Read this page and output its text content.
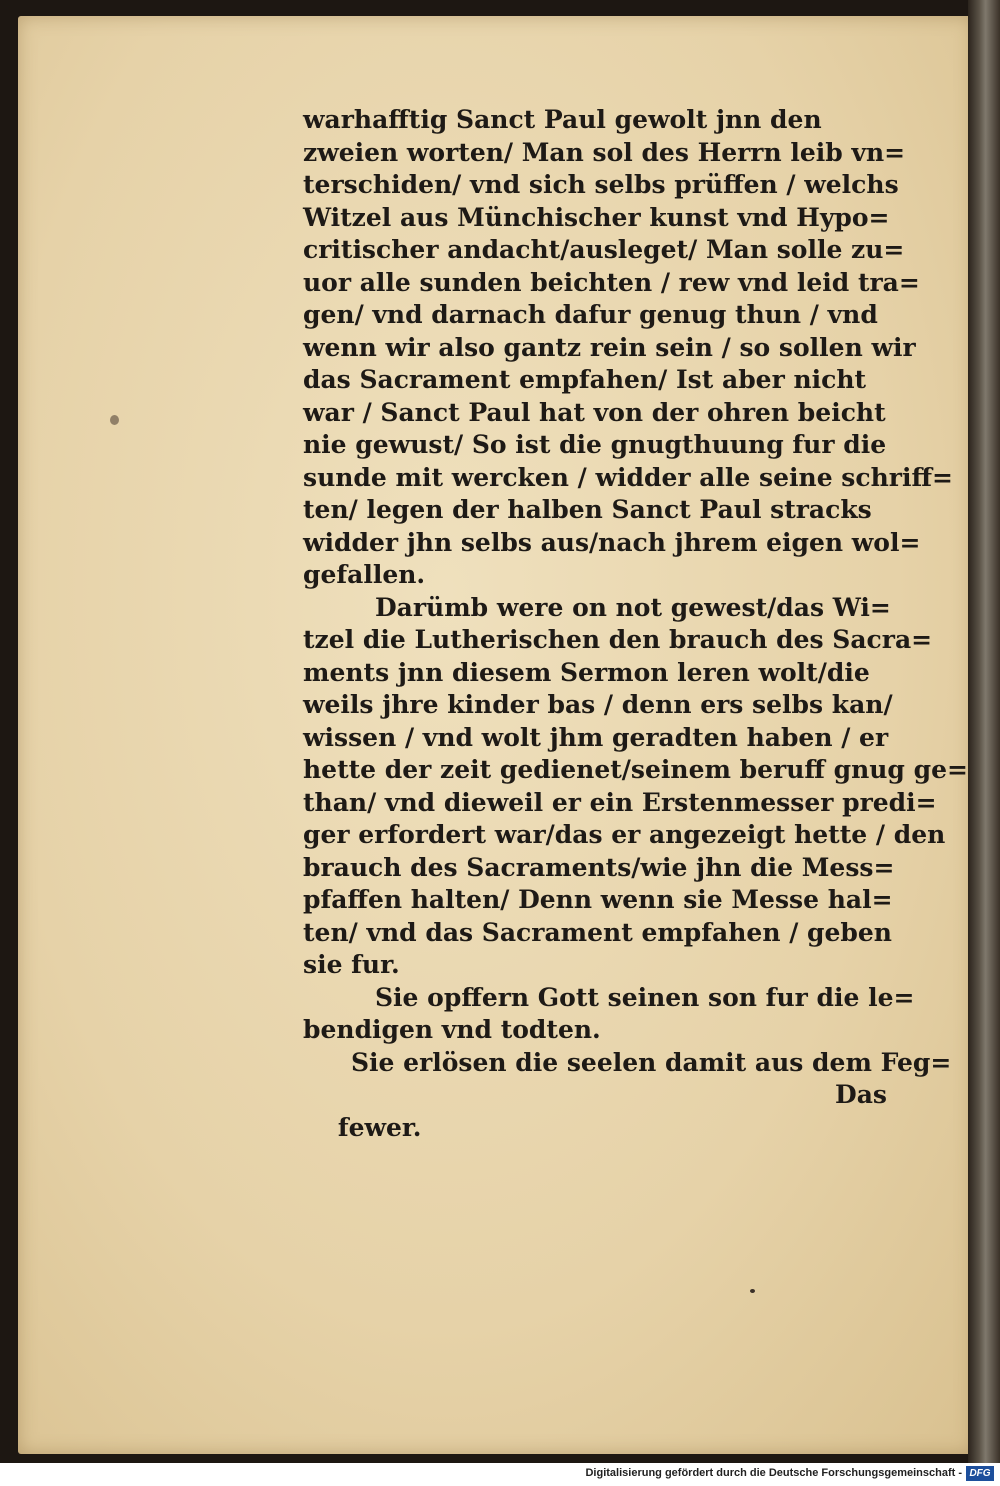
warhafftig Sanct Paul gewolt jnn den
zweien worten/ Man sol des Herrn leib vn=
terschiden/ vnd sich selbs prüffen / welchs
Witzel aus Münchischer kunst vnd Hypo=
critischer andacht/ausleget/ Man solle zu=
uor alle sunden beichten / rew vnd leid tra=
gen/ vnd darnach dafur genug thun / vnd
wenn wir also gantz rein sein / so sollen wir
das Sacrament empfahen/ Ist aber nicht
war / Sanct Paul hat von der ohren beicht
nie gewust/ So ist die gnugthuung fur die
sunde mit wercken / widder alle seine schriff=
ten/ legen der halben Sanct Paul stracks
widder jhn selbs aus/nach jhrem eigen wol=
gefallen.
Darümb were on not gewest/das Wi=
tzel die Lutherischen den brauch des Sacra=
ments jnn diesem Sermon leren wolt/die
weils jhre kinder bas / denn ers selbs kan/
wissen / vnd wolt jhm geradten haben / er
hette der zeit gedienet/seinem beruff gnug ge=
than/ vnd dieweil er ein Erstenmesser predi=
ger erfordert war/das er angezeigt hette / den
brauch des Sacraments/wie jhn die Mess=
pfaffen halten/ Denn wenn sie Messe hal=
ten/ vnd das Sacrament empfahen / geben
sie fur.
Sie opffern Gott seinen son fur die le=
bendigen vnd todten.
Sie erlösen die seelen damit aus dem Feg=

fewer.

Das

Digitalisierung gefördert durch die Deutsche Forschungsgemeinschaft - DFG
